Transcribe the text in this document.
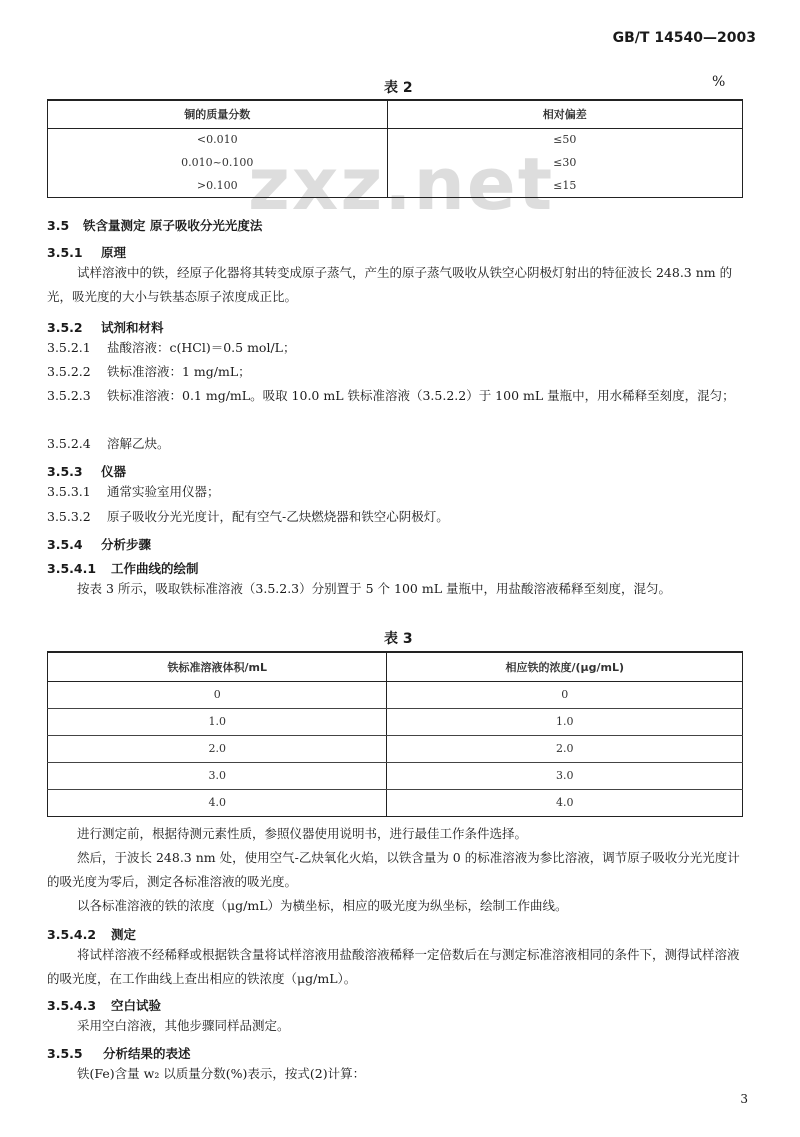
GB/T 14540—2003
zxz.net
表 2	%
铜的质量分数	相对偏差
<0.010	≤50
0.010~0.100	≤30
>0.100	≤15
3.5 铁含量测定 原子吸收分光光度法
3.5.1 原理
试样溶液中的铁，经原子化器将其转变成原子蒸气，产生的原子蒸气吸收从铁空心阴极灯射出的特征波长 248.3 nm 的光，吸光度的大小与铁基态原子浓度成正比。
3.5.2 试剂和材料
3.5.2.1 盐酸溶液：c(HCl)＝0.5 mol/L；
3.5.2.2 铁标准溶液：1 mg/mL；
3.5.2.3 铁标准溶液：0.1 mg/mL。吸取 10.0 mL 铁标准溶液（3.5.2.2）于 100 mL 量瓶中，用水稀释至刻度，混匀；
3.5.2.4 溶解乙炔。
3.5.3 仪器
3.5.3.1 通常实验室用仪器；
3.5.3.2 原子吸收分光光度计，配有空气-乙炔燃烧器和铁空心阴极灯。
3.5.4 分析步骤
3.5.4.1 工作曲线的绘制
按表 3 所示，吸取铁标准溶液（3.5.2.3）分别置于 5 个 100 mL 量瓶中，用盐酸溶液稀释至刻度，混匀。
表 3
铁标准溶液体积/mL	相应铁的浓度/(μg/mL)
0	0
1.0	1.0
2.0	2.0
3.0	3.0
4.0	4.0
进行测定前，根据待测元素性质，参照仪器使用说明书，进行最佳工作条件选择。
然后，于波长 248.3 nm 处，使用空气-乙炔氧化火焰，以铁含量为 0 的标准溶液为参比溶液，调节原子吸收分光光度计的吸光度为零后，测定各标准溶液的吸光度。
以各标准溶液的铁的浓度（μg/mL）为横坐标，相应的吸光度为纵坐标，绘制工作曲线。
3.5.4.2 测定
将试样溶液不经稀释或根据铁含量将试样溶液用盐酸溶液稀释一定倍数后在与测定标准溶液相同的条件下，测得试样溶液的吸光度，在工作曲线上查出相应的铁浓度（μg/mL）。
3.5.4.3 空白试验
采用空白溶液，其他步骤同样品测定。
3.5.5 分析结果的表述
铁(Fe)含量 w₂ 以质量分数(%)表示，按式(2)计算：
3
